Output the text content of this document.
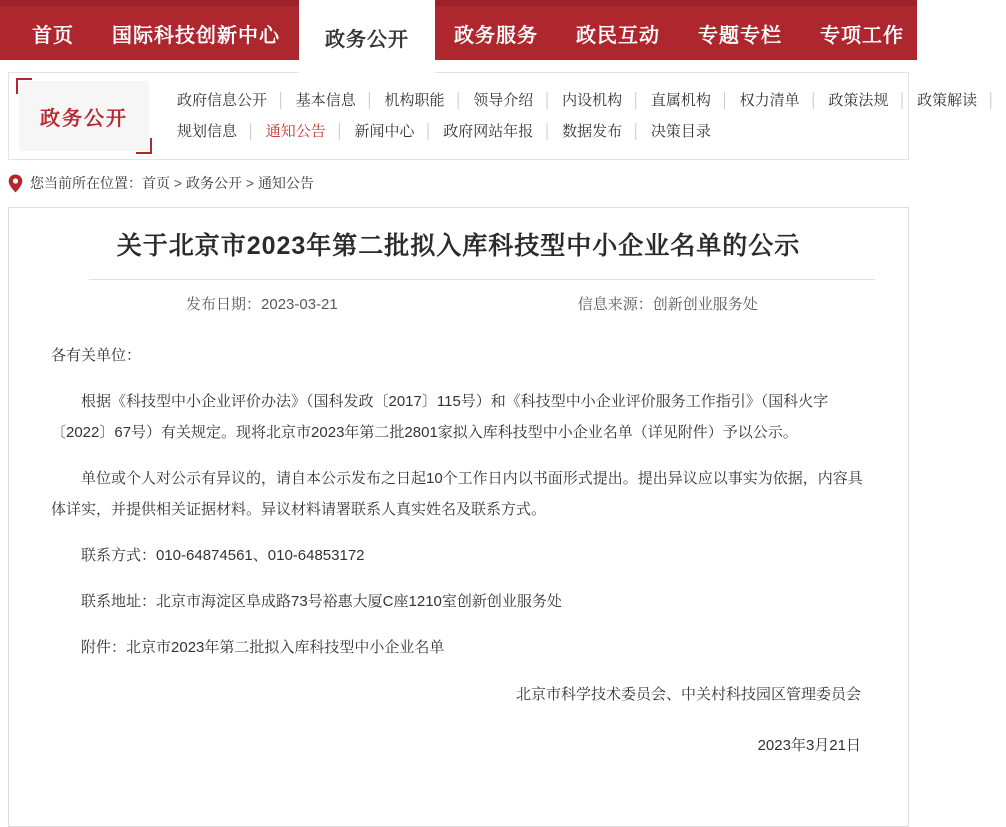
首页	国际科技创新中心	政务公开	政务服务	政民互动	专题专栏	专项工作
政务公开
政府信息公开 │	基本信息 │	机构职能 │	领导介绍 │	内设机构 │	直属机构 │	权力清单 │	政策法规 │	政策解读 │
规划信息 │	通知公告 │	新闻中心 │	政府网站年报 │	数据发布 │	决策目录
您当前所在位置： 首页 >	政务公开 >	通知公告
关于北京市2023年第二批拟入库科技型中小企业名单的公示
发布日期：2023-03-21	信息来源：创新创业服务处

各有关单位：

根据《科技型中小企业评价办法》（国科发政〔2017〕115号）和《科技型中小企业评价服务工作指引》（国科火字〔2022〕67号）有关规定。现将北京市2023年第二批2801家拟入库科技型中小企业名单（详见附件）予以公示。

单位或个人对公示有异议的，请自本公示发布之日起10个工作日内以书面形式提出。提出异议应以事实为依据，内容具体详实，并提供相关证据材料。异议材料请署联系人真实姓名及联系方式。

联系方式：010-64874561、010-64853172

联系地址：北京市海淀区阜成路73号裕惠大厦C座1210室创新创业服务处

附件：北京市2023年第二批拟入库科技型中小企业名单

北京市科学技术委员会、中关村科技园区管理委员会
2023年3月21日
